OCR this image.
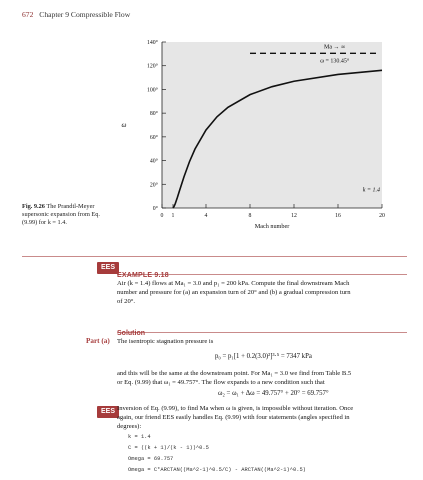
672 Chapter 9 Compressible Flow
0°
20°
40°
60°
80°
100°
120°
140°
0 1	4	8	12	16	20
Ma → ∞
ω = 130.45°
k = 1.4
Mach number
ω
Fig. 9.26 The Prandtl-Meyer supersonic expansion from Eq. (9.99) for k = 1.4.
EES
EXAMPLE 9.18
Air (k = 1.4) flows at Ma₁ = 3.0 and p₁ = 200 kPa. Compute the final downstream Mach
number and pressure for (a) an expansion turn of 20° and (b) a gradual compression turn
of 20°.
Solution
Part (a) The isentropic stagnation pressure is
p₀ = p₁[1 + 0.2(3.0)²]³·⁵ = 7347 kPa
and this will be the same at the downstream point. For Ma₁ = 3.0 we find from Table B.5
or Eq. (9.99) that ω₁ = 49.757°. The flow expands to a new condition such that
ω₂ = ω₁ + Δω = 49.757° + 20° = 69.757°
EES Inversion of Eq. (9.99), to find Ma when ω is given, is impossible without iteration. Once
again, our friend EES easily handles Eq. (9.99) with four statements (angles specified in
degrees):
k = 1.4
C = ((k + 1)/(k - 1))^0.5
Omega = 69.757
Omega = C*ARCTAN((Ma^2-1)^0.5/C) - ARCTAN((Ma^2-1)^0.5)
